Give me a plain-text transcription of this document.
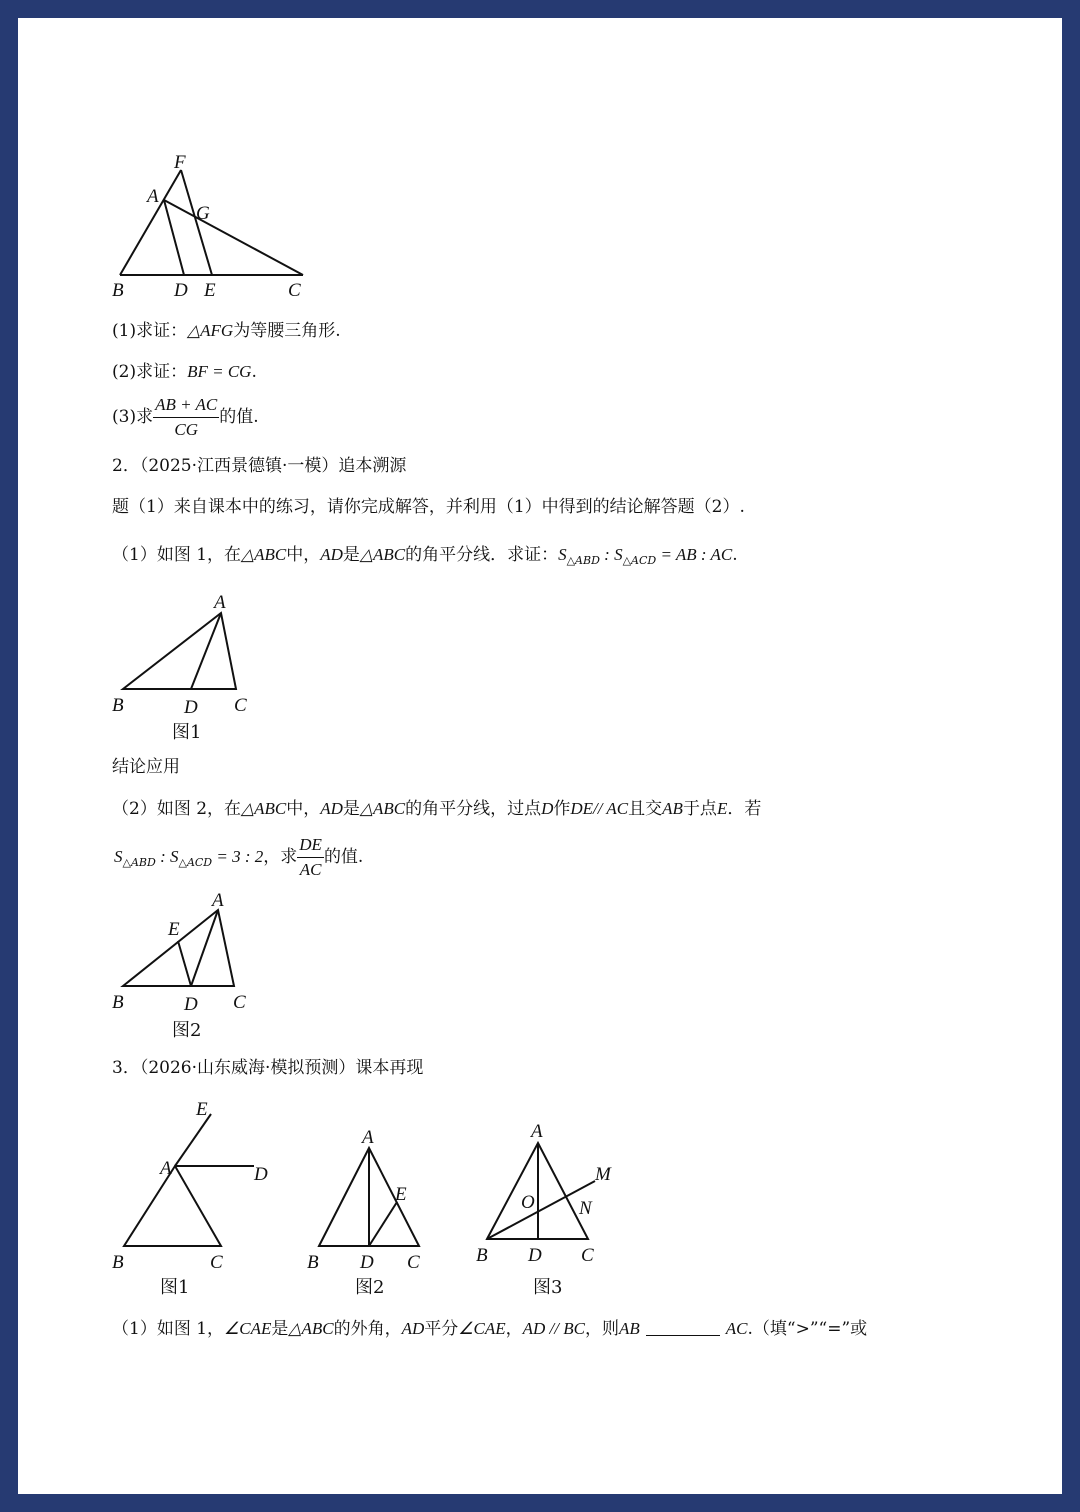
F
A
G
B	D E	C
(1)求证：△AFG为等腰三角形.
(2)求证：BF = CG.
(3)求 $\frac{AB + AC}{CG}$ 的值.
2．（2025·江西景德镇·一模）追本溯源
题（1）来自课本中的练习，请你完成解答，并利用（1）中得到的结论解答题（2）.
（1）如图 1，在△ABC中，AD是△ABC的角平分线．求证：$S_{\triangle ABD}$ : $S_{\triangle ACD}$ = AB : AC.
A
B	D C
图1
结论应用
（2）如图 2，在△ABC中，AD是△ABC的角平分线，过点D作DE// AC且交AB于点E．若
$S_{\triangle ABD}$ : $S_{\triangle ACD} = 3$ : 2，求 $\frac{DE}{AC}$ 的值.
A
E
B	D C
图2
3．（2026·山东威海·模拟预测）课本再现
E
A	D
B	C
图1
A
E
B D C
图2
A
M
O N
B D C
图3
（1）如图 1，∠CAE是△ABC的外角，AD平分∠CAE，AD // BC，则AB	AC.（填“>”“=”或
